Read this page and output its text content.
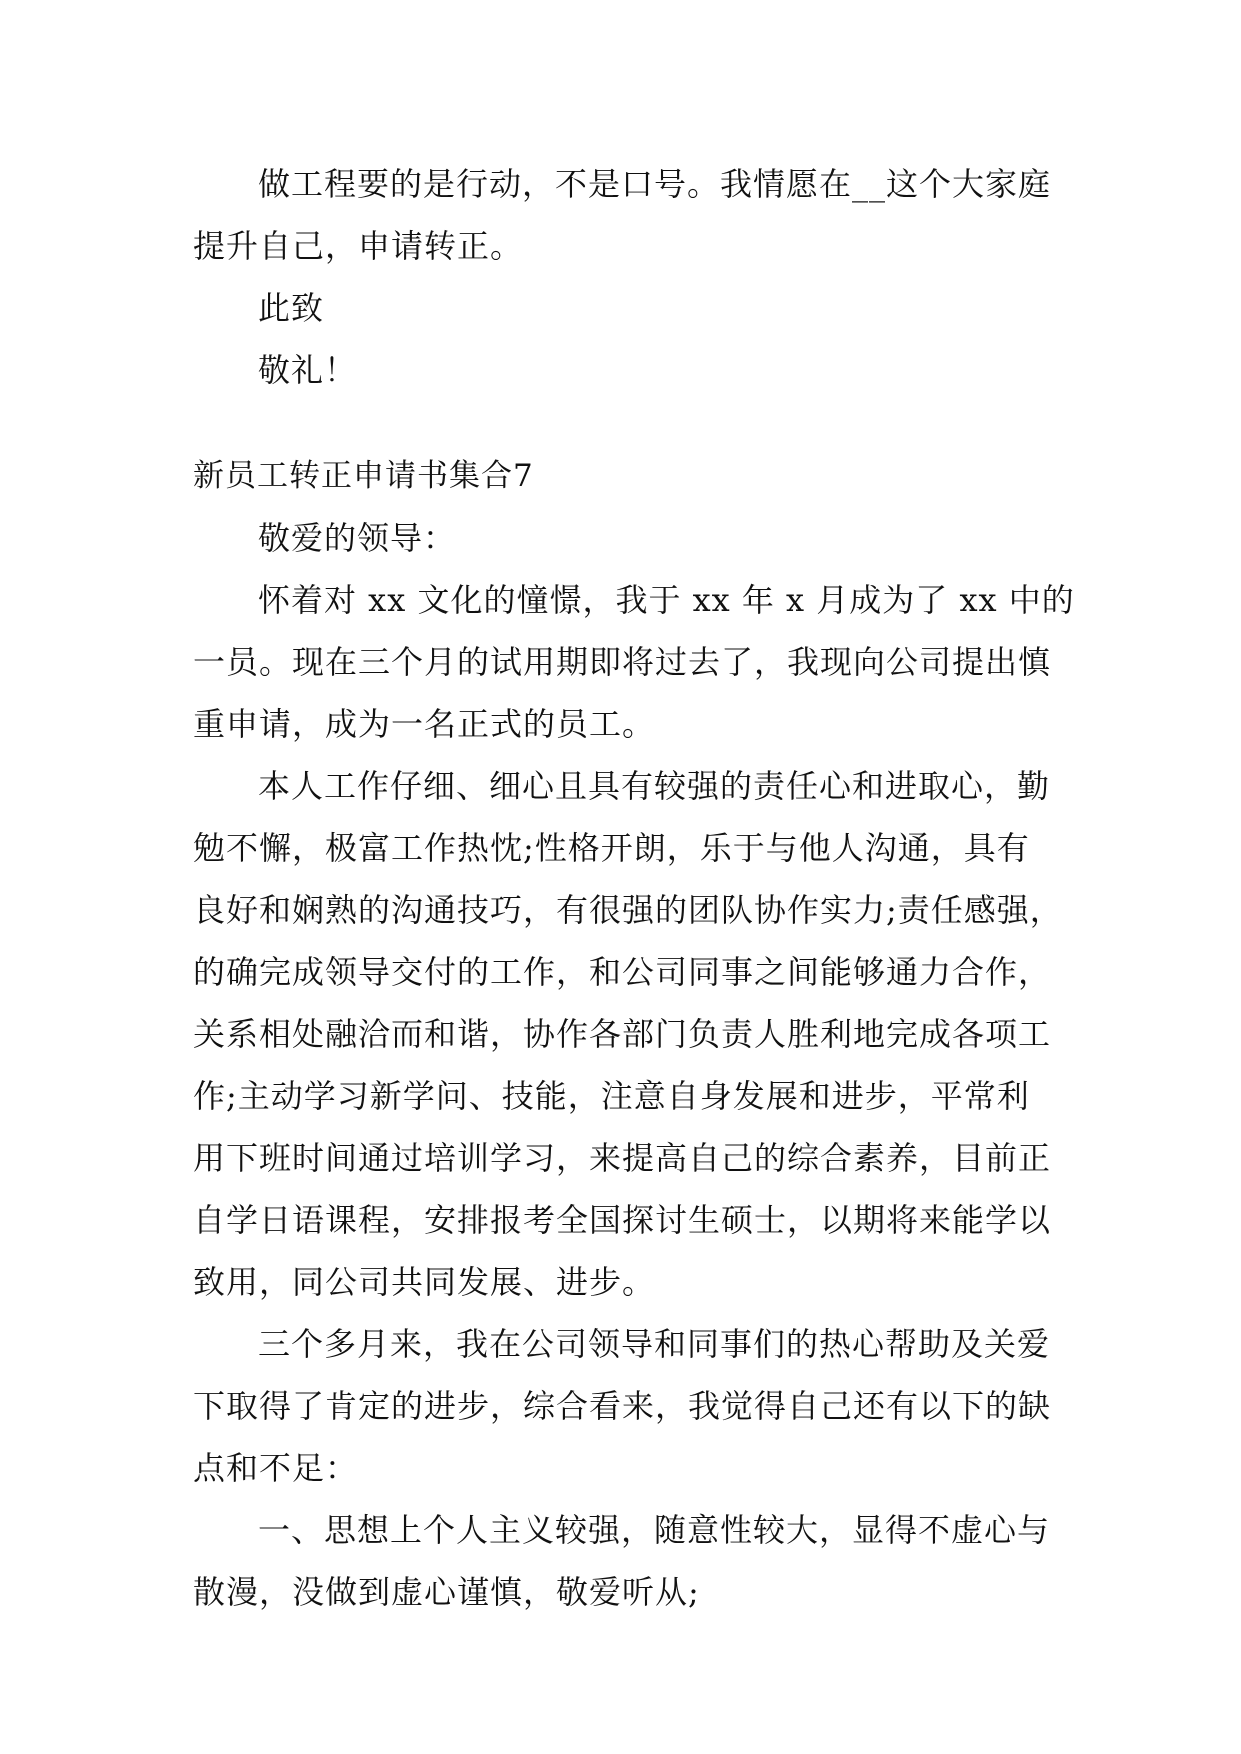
做工程要的是行动，不是口号。我情愿在__这个大家庭

提升自己，申请转正。

此致

敬礼！

新员工转正申请书集合7

敬爱的领导：

怀着对 xx 文化的憧憬，我于 xx 年 x 月成为了 xx 中的

一员。现在三个月的试用期即将过去了，我现向公司提出慎

重申请，成为一名正式的员工。

本人工作仔细、细心且具有较强的责任心和进取心，勤

勉不懈，极富工作热忱;性格开朗，乐于与他人沟通，具有

良好和娴熟的沟通技巧，有很强的团队协作实力;责任感强，

的确完成领导交付的工作，和公司同事之间能够通力合作，

关系相处融洽而和谐，协作各部门负责人胜利地完成各项工

作;主动学习新学问、技能，注意自身发展和进步，平常利

用下班时间通过培训学习，来提高自己的综合素养，目前正

自学日语课程，安排报考全国探讨生硕士，以期将来能学以

致用，同公司共同发展、进步。

三个多月来，我在公司领导和同事们的热心帮助及关爱

下取得了肯定的进步，综合看来，我觉得自己还有以下的缺

点和不足：

一、思想上个人主义较强，随意性较大，显得不虚心与

散漫，没做到虚心谨慎，敬爱听从;
